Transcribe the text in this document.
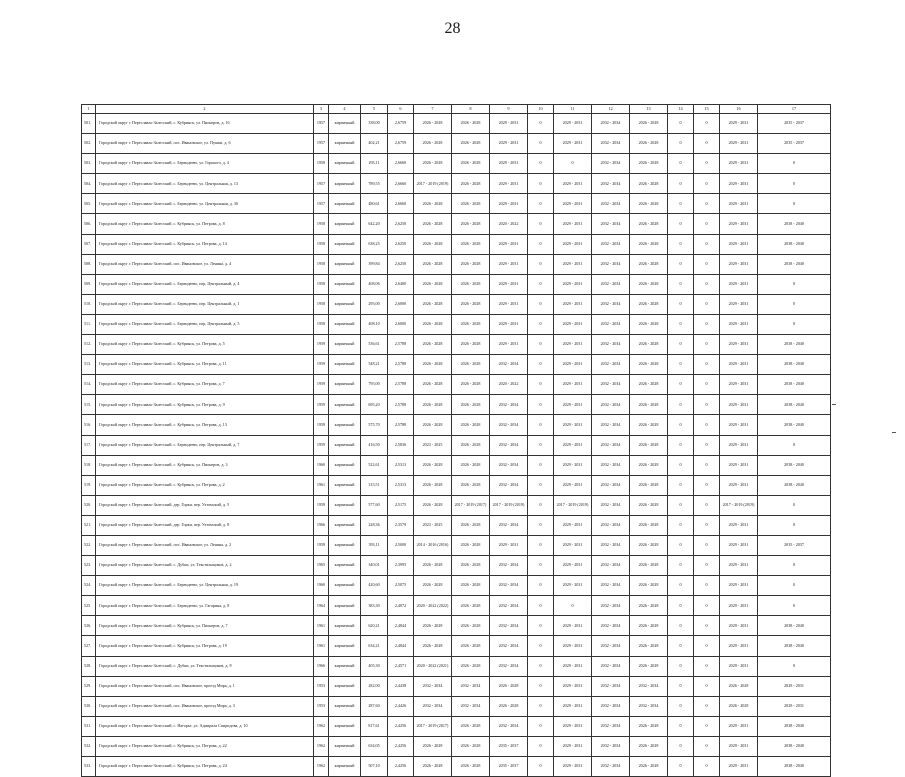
28
1	2	3	4	5	6	7	8	9	10	11	12	13	14	15	16	17
501.	Городской округ г. Переславль-Залесский, с. Кубринск, ул. Пионеров, д. 16	1957	кирпичный	338,00	2,6759	2026 - 2028	2026 - 2028	2029 - 2031	0	2029 - 2031	2032 - 2034	2026 - 2028	0	0	2029 - 2031	2035 - 2037
502.	Городской округ г. Переславль-Залесский, пос. Ивановское, ул. Пушки, д. 6	1957	кирпичный	402,21	2,6759	2026 - 2028	2026 - 2028	2029 - 2031	0	2029 - 2031	2032 - 2034	2026 - 2028	0	0	2029 - 2031	2035 - 2037
503.	Городской округ г. Переславль-Залесский, с. Берендеево, ул. Горького, д. 4	1958	кирпичный	293,11	2,6660	2026 - 2028	2026 - 2028	2029 - 2031	0	0	2032 - 2034	2026 - 2028	0	0	2029 - 2031	0
504.	Городской округ г. Переславль-Залесский, с. Берендеево, ул. Центральная, д. 13	1957	кирпичный	789,55	2,6660	2017 - 2019 (2019)	2026 - 2028	2029 - 2031	0	2029 - 2031	2032 - 2034	2026 - 2028	0	0	2029 - 2031	0
505.	Городской округ г. Переславль-Залесский, с. Берендеево, ул. Центральная, д. 36	1957	кирпичный	480,61	2,6660	2026 - 2028	2026 - 2028	2029 - 2031	0	2029 - 2031	2032 - 2034	2026 - 2028	0	0	2029 - 2031	0
506.	Городской округ г. Переславль-Залесский, с. Кубринск, ул. Петрова, д. 8	1958	кирпичный	642,20	2,6250	2026 - 2028	2026 - 2028	2020 - 2022	0	2029 - 2031	2032 - 2034	2026 - 2028	0	0	2029 - 2031	2038 - 2040
507.	Городской округ г. Переславль-Залесский, с. Кубринск, ул. Петрова, д. 14	1958	кирпичный	638,25	2,6250	2026 - 2028	2026 - 2028	2029 - 2031	0	2029 - 2031	2032 - 2034	2026 - 2028	0	0	2029 - 2031	2038 - 2040
508.	Городской округ г. Переславль-Залесский, пос. Ивановское, ул. Ленина, д. 4	1958	кирпичный	399,84	2,6250	2026 - 2028	2026 - 2028	2029 - 2031	0	2029 - 2031	2032 - 2034	2026 - 2028	0	0	2029 - 2031	2038 - 2040
509.	Городской округ г. Переславль-Залесский, с. Берендеево, пер. Центральный, д. 4	1958	кирпичный	408,06	2,6400	2026 - 2028	2026 - 2028	2029 - 2031	0	2029 - 2031	2032 - 2034	2026 - 2028	0	0	2029 - 2031	0
510.	Городской округ г. Переславль-Залесский, с. Берендеево, пер. Центральный, д. 1	1958	кирпичный	295,00	2,6000	2026 - 2028	2026 - 2028	2029 - 2031	0	2029 - 2031	2032 - 2034	2026 - 2028	0	0	2029 - 2031	0
511.	Городской округ г. Переславль-Залесский, с. Берендеево, пер. Центральный, д. 5	1958	кирпичный	408,10	2,6000	2026 - 2028	2026 - 2028	2029 - 2031	0	2029 - 2031	2032 - 2034	2026 - 2028	0	0	2029 - 2031	0
512.	Городской округ г. Переславль-Залесский, с. Кубринск, ул. Петрова, д. 5	1959	кирпичный	536,61	2,5788	2026 - 2028	2026 - 2028	2029 - 2031	0	2029 - 2031	2032 - 2034	2026 - 2028	0	0	2029 - 2031	2038 - 2040
513.	Городской округ г. Переславль-Залесский, с. Кубринск, ул. Петрова, д. 11	1959	кирпичный	548,21	2,5788	2026 - 2028	2026 - 2028	2032 - 2034	0	2029 - 2031	2032 - 2034	2026 - 2028	0	0	2029 - 2031	2038 - 2040
514.	Городской округ г. Переславль-Залесский, с. Кубринск, ул. Петрова, д. 7	1959	кирпичный	795,00	2,5788	2026 - 2028	2026 - 2028	2020 - 2022	0	2029 - 2031	2032 - 2034	2026 - 2028	0	0	2029 - 2031	2038 - 2040
515.	Городской округ г. Переславль-Залесский, с. Кубринск, ул. Петрова, д. 9	1959	кирпичный	695,20	2,5788	2026 - 2028	2026 - 2028	2032 - 2034	0	2029 - 2031	2032 - 2034	2026 - 2028	0	0	2029 - 2031	2038 - 2040
516.	Городской округ г. Переславль-Залесский, с. Кубринск, ул. Петрова, д. 13	1959	кирпичный	575,70	2,5788	2026 - 2028	2026 - 2028	2032 - 2034	0	2029 - 2031	2032 - 2034	2026 - 2028	0	0	2029 - 2031	2038 - 2040
517.	Городской округ г. Переславль-Залесский, с. Берендеево, пер. Центральный, д. 7	1959	кирпичный	416,50	2,5836	2023 - 2025	2026 - 2028	2032 - 2034	0	2029 - 2031	2032 - 2034	2026 - 2028	0	0	2029 - 2031	0
518.	Городской округ г. Переславль-Залесский, с. Кубринск, ул. Пионеров, д. 3	1960	кирпичный	522,61	2,5313	2026 - 2028	2026 - 2028	2032 - 2034	0	2029 - 2031	2032 - 2034	2026 - 2028	0	0	2029 - 2031	2038 - 2040
519.	Городской округ г. Переславль-Залесский, с. Кубринск, ул. Петрова, д. 2	1961	кирпичный	315,51	2,5313	2026 - 2028	2026 - 2028	2032 - 2034	0	2029 - 2031	2032 - 2034	2026 - 2028	0	0	2029 - 2031	2038 - 2040
520.	Городской округ г. Переславль-Залесский, дер. Горки, пер. Ухтомский, д. 5	1959	кирпичный	577,60	2,5175	2026 - 2028	2017 - 2019 (2017)	2017 - 2019 (2019)	0	2017 - 2019 (2019)	2032 - 2034	2026 - 2028	0	0	2017 - 2019 (2019)	0
521.	Городской округ г. Переславль-Залесский, дер. Горки, пер. Ухтомский, д. 8	1966	кирпичный	228,36	2,3579	2023 - 2025	2026 - 2028	2032 - 2034	0	2029 - 2031	2032 - 2034	2026 - 2028	0	0	2029 - 2031	0
522.	Городской округ г. Переславль-Залесский, пос. Ивановское, ул. Ленина, д. 2	1959	кирпичный	393,11	2,5000	2014 - 2016 (2016)	2026 - 2028	2029 - 2031	0	2029 - 2031	2032 - 2034	2026 - 2028	0	0	2029 - 2031	2035 - 2037
523.	Городской округ г. Переславль-Залесский, с. Дубки, ул. Текстильщиков, д. 2	1965	кирпичный	340,01	2,3995	2026 - 2028	2026 - 2028	2032 - 2034	0	2029 - 2031	2032 - 2034	2026 - 2028	0	0	2029 - 2031	0
524.	Городской округ г. Переславль-Залесский, с. Берендеево, ул. Центральная, д. 19	1960	кирпичный	420,60	2,5075	2026 - 2028	2026 - 2028	2032 - 2034	0	2029 - 2031	2032 - 2034	2026 - 2028	0	0	2029 - 2031	0
525.	Городской округ г. Переславль-Залесский, с. Берендеево, ул. Гагарина, д. 8	1964	кирпичный	383,30	2,4072	2020 - 2022 (2022)	2026 - 2028	2032 - 2034	0	0	2032 - 2034	2026 - 2028	0	0	2029 - 2031	0
526.	Городской округ г. Переславль-Залесский, с. Кубринск, ул. Пионеров, д. 7	1961	кирпичный	620,21	2,4844	2026 - 2028	2026 - 2028	2032 - 2034	0	2029 - 2031	2032 - 2034	2026 - 2028	0	0	2029 - 2031	2038 - 2040
527.	Городской округ г. Переславль-Залесский, с. Кубринск, ул. Петрова, д. 19	1961	кирпичный	634,21	2,4844	2026 - 2028	2026 - 2028	2032 - 2034	0	2029 - 2031	2032 - 2034	2026 - 2028	0	0	2029 - 2031	2038 - 2040
528.	Городской округ г. Переславль-Залесский, с. Дубки, ул. Текстильщиков, д. 8	1966	кирпичный	405,30	2,4571	2020 - 2022 (2021)	2026 - 2028	2032 - 2034	0	2029 - 2031	2032 - 2034	2026 - 2028	0	0	2029 - 2031	0
529.	Городской округ г. Переславль-Залесский, пос. Ивановское, проезд Мира, д. 1	1953	кирпичный	282,00	2,4438	2032 - 2034	2032 - 2034	2026 - 2028	0	2029 - 2031	2032 - 2034	2032 - 2034	0	0	2026 - 2028	2029 - 2031
530.	Городской округ г. Переславль-Залесский, пос. Ивановское, проезд Мира, д. 3	1953	кирпичный	287,60	2,4426	2032 - 2034	2032 - 2034	2026 - 2028	0	2029 - 2031	2032 - 2034	2032 - 2034	0	0	2026 - 2028	2029 - 2031
531.	Городской округ г. Переславль-Залесский, с. Нагорье, ул. Адмирала Спиридова, д. 10	1962	кирпичный	817,61	2,4256	2017 - 2019 (2017)	2026 - 2028	2032 - 2034	0	2029 - 2031	2032 - 2034	2026 - 2028	0	0	2029 - 2031	2038 - 2040
532.	Городской округ г. Переславль-Залесский, с. Кубринск, ул. Петрова, д. 22	1962	кирпичный	634,05	2,4256	2026 - 2028	2026 - 2028	2035 - 2037	0	2029 - 2031	2032 - 2034	2026 - 2028	0	0	2029 - 2031	2038 - 2040
533.	Городской округ г. Переславль-Залесский, с. Кубринск, ул. Петрова, д. 24	1962	кирпичный	507,10	2,4256	2026 - 2028	2026 - 2028	2035 - 2037	0	2029 - 2031	2032 - 2034	2026 - 2028	0	0	2029 - 2031	2038 - 2040
